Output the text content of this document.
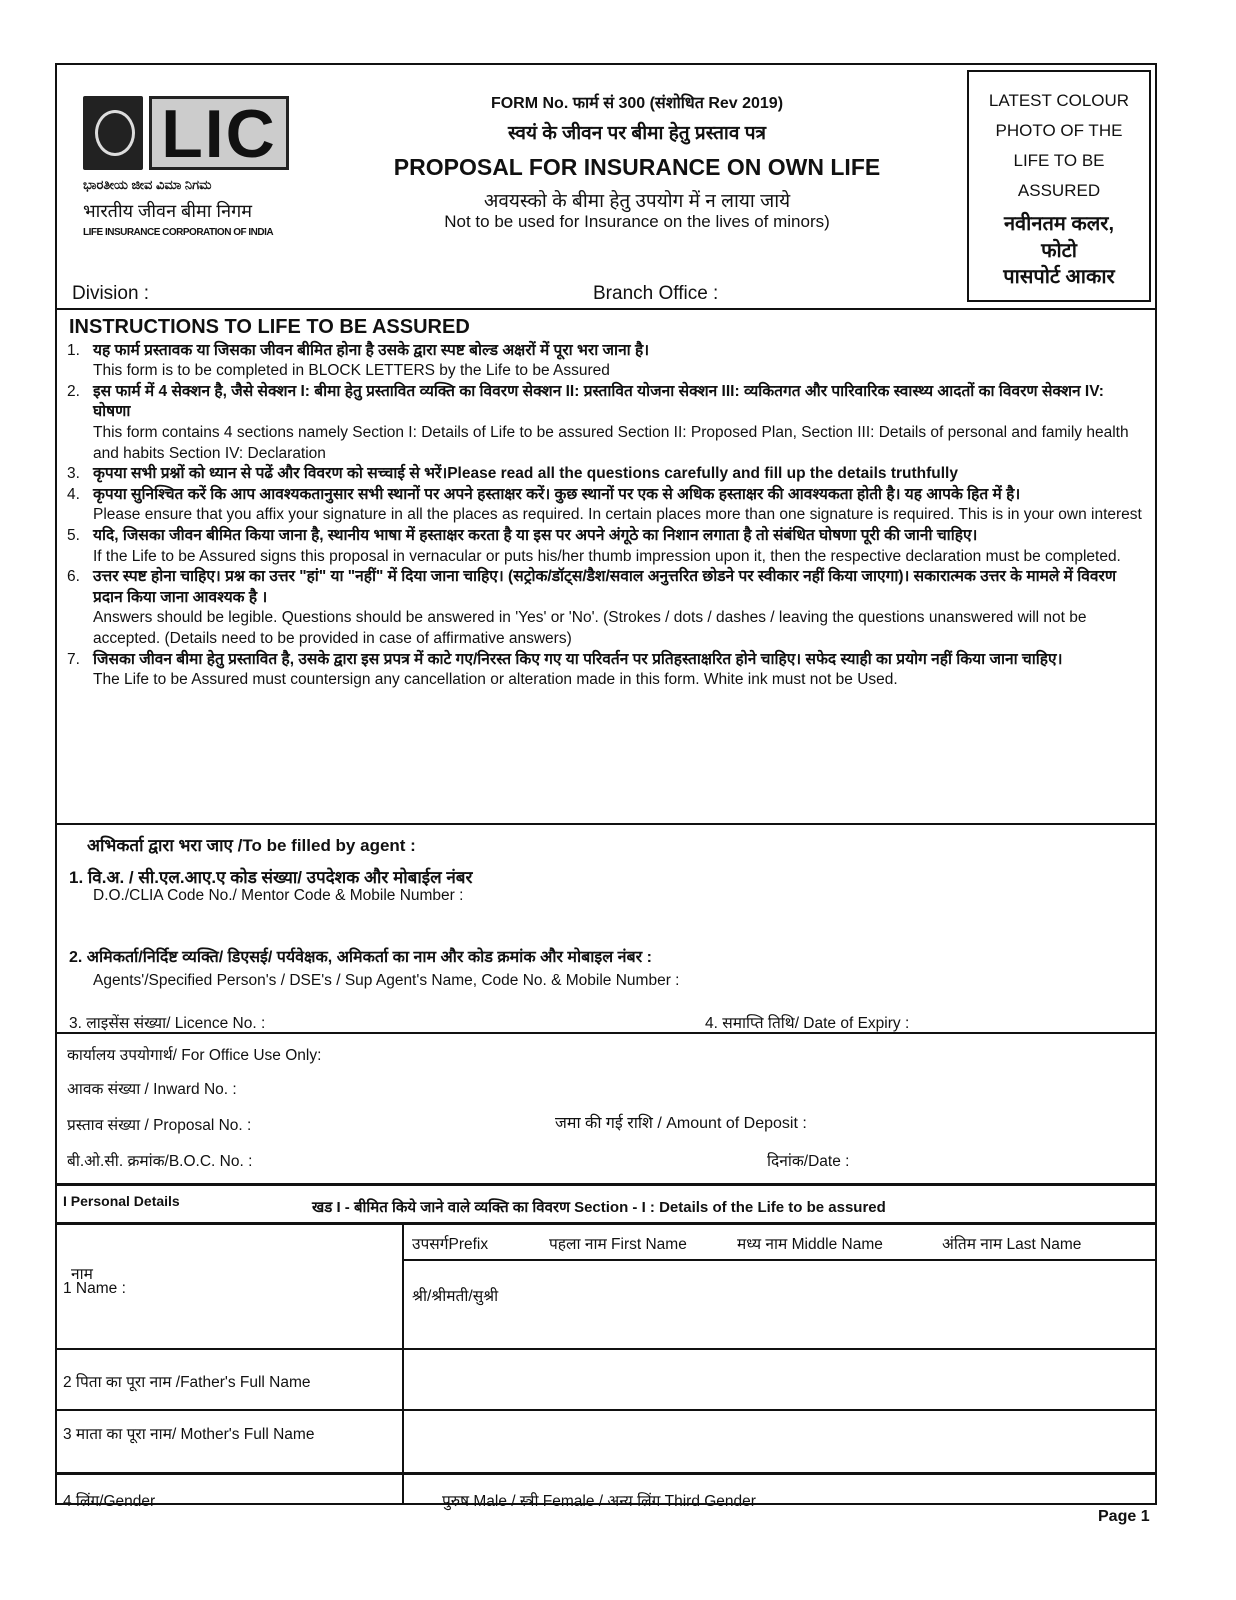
LIC
ಭಾರತೀಯ ಜೀವ ವಿಮಾ ನಿಗಮ
भारतीय जीवन बीमा निगम
LIFE INSURANCE CORPORATION OF INDIA
FORM No. फार्म सं 300 (संशोधित Rev 2019)
स्वयं के जीवन पर बीमा हेतु प्रस्ताव पत्र
PROPOSAL FOR INSURANCE ON OWN LIFE
अवयस्को के बीमा हेतु उपयोग में न लाया जाये
Not to be used for Insurance on the lives of minors)
Division :	Branch Office :
LATEST COLOUR
PHOTO OF THE
LIFE TO BE
ASSURED
नवीनतम कलर,
फोटो
पासपोर्ट आकार
INSTRUCTIONS TO LIFE TO BE ASSURED
1. यह फार्म प्रस्तावक या जिसका जीवन बीमित होना है उसके द्वारा स्पष्ट बोल्ड अक्षरों में पूरा भरा जाना है।
This form is to be completed in BLOCK LETTERS by the Life to be Assured
2. इस फार्म में 4 सेक्शन है, जैसे सेक्शन I: बीमा हेतु प्रस्तावित व्यक्ति का विवरण सेक्शन II: प्रस्तावित योजना सेक्शन III: व्यकितगत और पारिवारिक स्वास्थ्य आदतों का विवरण सेक्शन IV: घोषणा
This form contains 4 sections namely Section I: Details of Life to be assured Section II: Proposed Plan, Section III: Details of personal and family health and habits Section IV: Declaration
3. कृपया सभी प्रश्नों को ध्यान से पढें और विवरण को सच्चाई से भरें।Please read all the questions carefully and fill up the details truthfully
4. कृपया सुनिश्चित करें कि आप आवश्यकतानुसार सभी स्थानों पर अपने हस्ताक्षर करें। कुछ स्थानों पर एक से अधिक हस्ताक्षर की आवश्यकता होती है। यह आपके हित में है।
Please ensure that you affix your signature in all the places as required. In certain places more than one signature is required. This is in your own interest
5. यदि, जिसका जीवन बीमित किया जाना है, स्थानीय भाषा में हस्ताक्षर करता है या इस पर अपने अंगूठे का निशान लगाता है तो संबंधित घोषणा पूरी की जानी चाहिए।
If the Life to be Assured signs this proposal in vernacular or puts his/her thumb impression upon it, then the respective declaration must be completed.
6. उत्तर स्पष्ट होना चाहिए। प्रश्न का उत्तर "हां" या "नहीं" में दिया जाना चाहिए। (सट्रोक/डॉट्स/डैश/सवाल अनुत्तरित छोडने पर स्वीकार नहीं किया जाएगा)। सकारात्मक उत्तर के मामले में विवरण प्रदान किया जाना आवश्यक है ।
Answers should be legible. Questions should be answered in 'Yes' or 'No'. (Strokes / dots / dashes / leaving the questions unanswered will not be accepted. (Details need to be provided in case of affirmative answers)
7. जिसका जीवन बीमा हेतु प्रस्तावित है, उसके द्वारा इस प्रपत्र में काटे गए/निरस्त किए गए या परिवर्तन पर प्रतिहस्ताक्षरित होने चाहिए। सफेद स्याही का प्रयोग नहीं किया जाना चाहिए।
The Life to be Assured must countersign any cancellation or alteration made in this form. White ink must not be Used.
अभिकर्ता द्वारा भरा जाए /To be filled by agent :
1. वि.अ. / सी.एल.आए.ए कोड संख्या/ उपदेशक और मोबाईल नंबर
D.O./CLIA Code No./ Mentor Code & Mobile Number :
2. अमिकर्ता/निर्दिष्ट व्यक्ति/ डिएसई/ पर्यवेक्षक, अमिकर्ता का नाम और कोड क्रमांक और मोबाइल नंबर :
Agents'/Specified Person's / DSE's / Sup Agent's Name, Code No. & Mobile Number :
3. लाइसेंस संख्या/ Licence No. :	4. समाप्ति तिथि/ Date of Expiry :
कार्यालय उपयोगार्थ/ For Office Use Only:
आवक संख्या / Inward No. :
प्रस्ताव संख्या / Proposal No. :	जमा की गई राशि / Amount of Deposit :
बी.ओ.सी. क्रमांक/B.O.C. No. :	दिनांक/Date :
I Personal Details	खड I - बीमित किये जाने वाले व्यक्ति का विवरण Section - I : Details of the Life to be assured
नाम
1 Name :
उपसर्गPrefix	पहला नाम First Name	मध्य नाम Middle Name	अंतिम नाम Last Name
श्री/श्रीमती/सुश्री
2 पिता का पूरा नाम /Father's Full Name
3 माता का पूरा नाम/ Mother's Full Name
4 लिंग/Gender	पुरुष Male / स्त्री Female / अन्य लिंग Third Gender
Page 1
